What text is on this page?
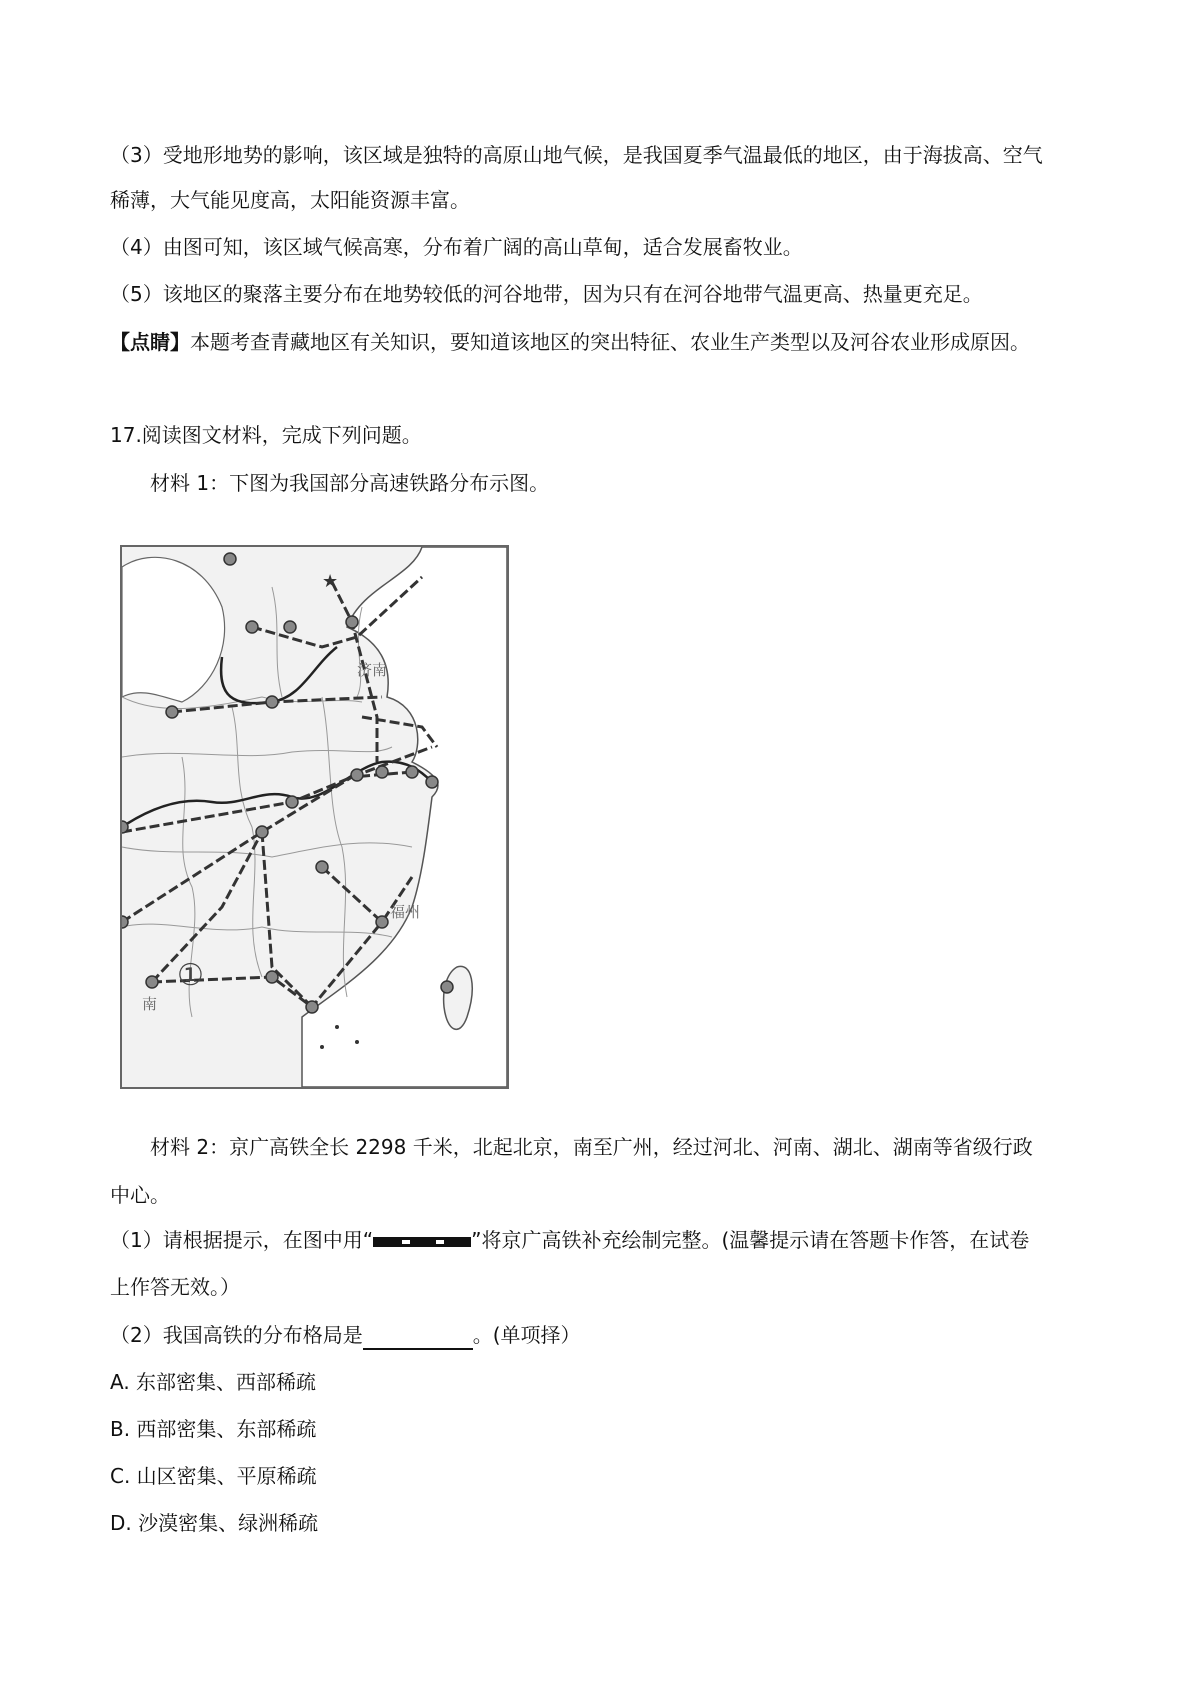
（3）受地形地势的影响，该区域是独特的高原山地气候，是我国夏季气温最低的地区，由于海拔高、空气
稀薄，大气能见度高，太阳能资源丰富。
（4）由图可知，该区域气候高寒，分布着广阔的高山草甸，适合发展畜牧业。
（5）该地区的聚落主要分布在地势较低的河谷地带，因为只有在河谷地带气温更高、热量更充足。
【点睛】本题考查青藏地区有关知识，要知道该地区的突出特征、农业生产类型以及河谷农业形成原因。
17.阅读图文材料，完成下列问题。
材料 1：下图为我国部分高速铁路分布示图。
★
济南
福州
南
①
材料 2：京广高铁全长 2298 千米，北起北京，南至广州，经过河北、河南、湖北、湖南等省级行政
中心。
（1）请根据提示，在图中用“	”将京广高铁补充绘制完整。(温馨提示请在答题卡作答，在试卷
上作答无效。）
（2）我国高铁的分布格局是	。(单项择）
A. 东部密集、西部稀疏
B. 西部密集、东部稀疏
C. 山区密集、平原稀疏
D. 沙漠密集、绿洲稀疏
